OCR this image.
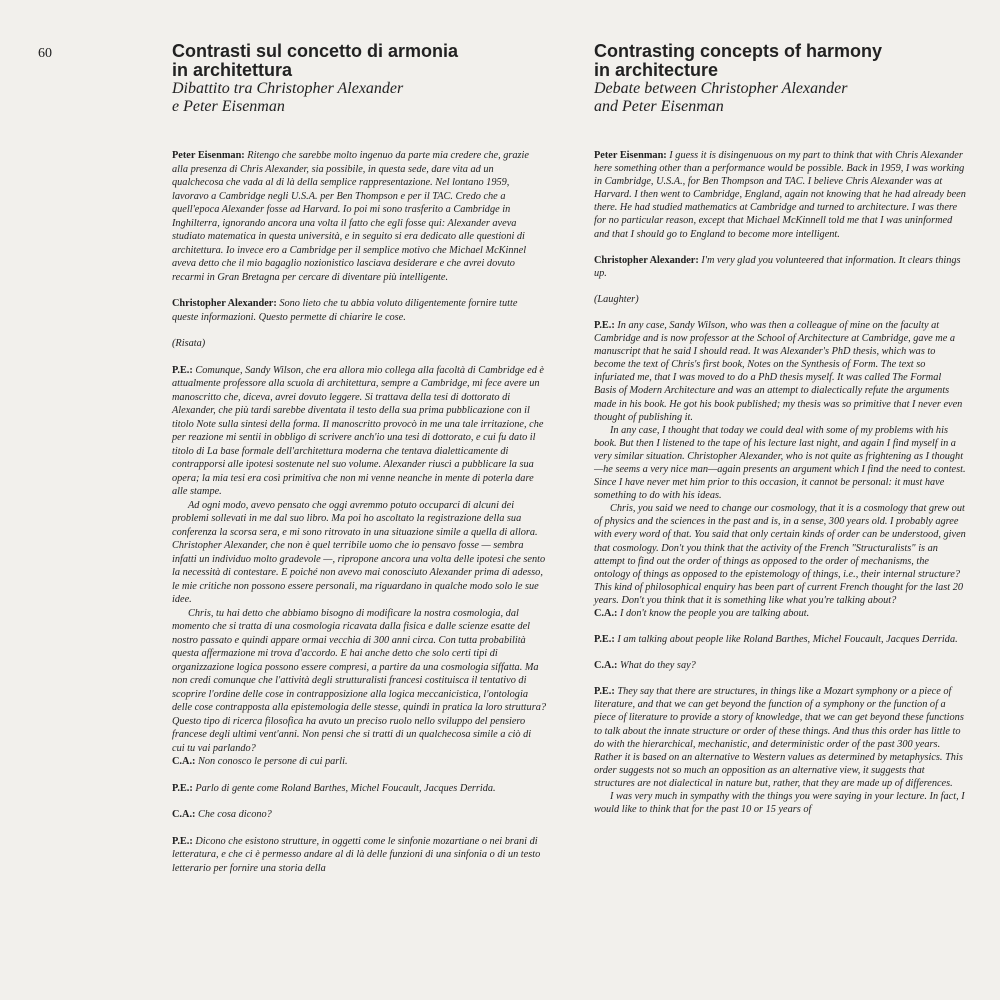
60	Contrasti sul concetto di armonia
in architettura
Dibattito tra Christopher Alexander
e Peter Eisenman

Peter Eisenman: Ritengo che sarebbe molto ingenuo da parte mia credere che, grazie alla presenza di Chris Alexander, sia possibile, in questa sede, dare vita ad un qualchecosa che vada al di là della semplice rappresentazione. Nel lontano 1959, lavoravo a Cambridge negli U.S.A. per Ben Thompson e per il TAC. Credo che a quell'epoca Alexander fosse ad Harvard. Io poi mi sono trasferito a Cambridge in Inghilterra, ignorando ancora una volta il fatto che egli fosse qui: Alexander aveva studiato matematica in questa università, e in seguito si era dedicato alle questioni di architettura. Io invece ero a Cambridge per il semplice motivo che Michael McKinnel aveva detto che il mio bagaglio nozionistico lasciava desiderare e che avrei dovuto recarmi in Gran Bretagna per cercare di diventare più intelligente.

Christopher Alexander: Sono lieto che tu abbia voluto diligentemente fornire tutte queste informazioni. Questo permette di chiarire le cose.

(Risata)

P.E.: Comunque, Sandy Wilson, che era allora mio collega alla facoltà di Cambridge ed è attualmente professore alla scuola di architettura, sempre a Cambridge, mi fece avere un manoscritto che, diceva, avrei dovuto leggere. Si trattava della tesi di dottorato di Alexander, che più tardi sarebbe diventata il testo della sua prima pubblicazione con il titolo Note sulla sintesi della forma. Il manoscritto provocò in me una tale irritazione, che per reazione mi sentii in obbligo di scrivere anch'io una tesi di dottorato, e cui fu dato il titolo di La base formale dell'architettura moderna che tentava dialetticamente di contrapporsi alle ipotesi sostenute nel suo volume. Alexander riuscì a pubblicare la sua opera; la mia tesi era così primitiva che non mi venne neanche in mente di poterla dare alle stampe.

Ad ogni modo, avevo pensato che oggi avremmo potuto occuparci di alcuni dei problemi sollevati in me dal suo libro. Ma poi ho ascoltato la registrazione della sua conferenza la scorsa sera, e mi sono ritrovato in una situazione simile a quella di allora. Christopher Alexander, che non è quel terribile uomo che io pensavo fosse — sembra infatti un individuo molto gradevole —, ripropone ancora una volta delle ipotesi che sento la necessità di contestare. E poiché non avevo mai conosciuto Alexander prima di adesso, le mie critiche non possono essere personali, ma riguardano in qualche modo solo le sue idee.

Chris, tu hai detto che abbiamo bisogno di modificare la nostra cosmologia, dal momento che si tratta di una cosmologia ricavata dalla fisica e dalle scienze esatte del nostro passato e quindi appare ormai vecchia di 300 anni circa. Con tutta probabilità questa affermazione mi trova d'accordo. E hai anche detto che solo certi tipi di organizzazione logica possono essere compresi, a partire da una cosmologia siffatta. Ma non credi comunque che l'attività degli strutturalisti francesi costituisca il tentativo di scoprire l'ordine delle cose in contrapposizione alla logica meccanicistica, l'ontologia delle cose contrapposta alla epistemologia delle stesse, quindi in pratica la loro struttura? Questo tipo di ricerca filosofica ha avuto un preciso ruolo nello sviluppo del pensiero francese degli ultimi vent'anni. Non pensi che si tratti di un qualchecosa simile a ciò di cui tu vai parlando?

C.A.: Non conosco le persone di cui parli.

P.E.: Parlo di gente come Roland Barthes, Michel Foucault, Jacques Derrida.

C.A.: Che cosa dicono?

P.E.: Dicono che esistono strutture, in oggetti come le sinfonie mozartiane o nei brani di letteratura, e che ci è permesso andare al di là delle funzioni di una sinfonia o di un testo letterario per fornire una storia della

Contrasting concepts of harmony
in architecture
Debate between Christopher Alexander
and Peter Eisenman

Peter Eisenman: I guess it is disingenuous on my part to think that with Chris Alexander here something other than a performance would be possible. Back in 1959, I was working in Cambridge, U.S.A., for Ben Thompson and TAC. I believe Chris Alexander was at Harvard. I then went to Cambridge, England, again not knowing that he had already been there. He had studied mathematics at Cambridge and turned to architecture. I was there for no particular reason, except that Michael McKinnell told me that I was uninformed and that I should go to England to become more intelligent.

Christopher Alexander: I'm very glad you volunteered that information. It clears things up.

(Laughter)

P.E.: In any case, Sandy Wilson, who was then a colleague of mine on the faculty at Cambridge and is now professor at the School of Architecture at Cambridge, gave me a manuscript that he said I should read. It was Alexander's PhD thesis, which was to become the text of Chris's first book, Notes on the Synthesis of Form. The text so infuriated me, that I was moved to do a PhD thesis myself. It was called The Formal Basis of Modern Architecture and was an attempt to dialectically refute the arguments made in his book. He got his book published; my thesis was so primitive that I never even thought of publishing it.

In any case, I thought that today we could deal with some of my problems with his book. But then I listened to the tape of his lecture last night, and again I find myself in a very similar situation. Christopher Alexander, who is not quite as frightening as I thought—he seems a very nice man—again presents an argument which I find the need to contest. Since I have never met him prior to this occasion, it cannot be personal: it must have something to do with his ideas.

Chris, you said we need to change our cosmology, that it is a cosmology that grew out of physics and the sciences in the past and is, in a sense, 300 years old. I probably agree with every word of that. You said that only certain kinds of order can be understood, given that cosmology. Don't you think that the activity of the French "Structuralists" is an attempt to find out the order of things as opposed to the order of mechanisms, the ontology of things as opposed to the epistemology of things, i.e., their internal structure? This kind of philosophical enquiry has been part of current French thought for the last 20 years. Don't you think that it is something like what you're talking about?

C.A.: I don't know the people you are talking about.

P.E.: I am talking about people like Roland Barthes, Michel Foucault, Jacques Derrida.

C.A.: What do they say?

P.E.: They say that there are structures, in things like a Mozart symphony or a piece of literature, and that we can get beyond the function of a symphony or the function of a piece of literature to provide a story of knowledge, that we can get beyond these functions to talk about the innate structure or order of these things. And thus this order has little to do with the hierarchical, mechanistic, and deterministic order of the past 300 years. Rather it is based on an alternative to Western values as determined by metaphysics. This order suggests not so much an opposition as an alternative view, it suggests that structures are not dialectical in nature but, rather, that they are made up of differences.

I was very much in sympathy with the things you were saying in your lecture. In fact, I would like to think that for the past 10 or 15 years of
